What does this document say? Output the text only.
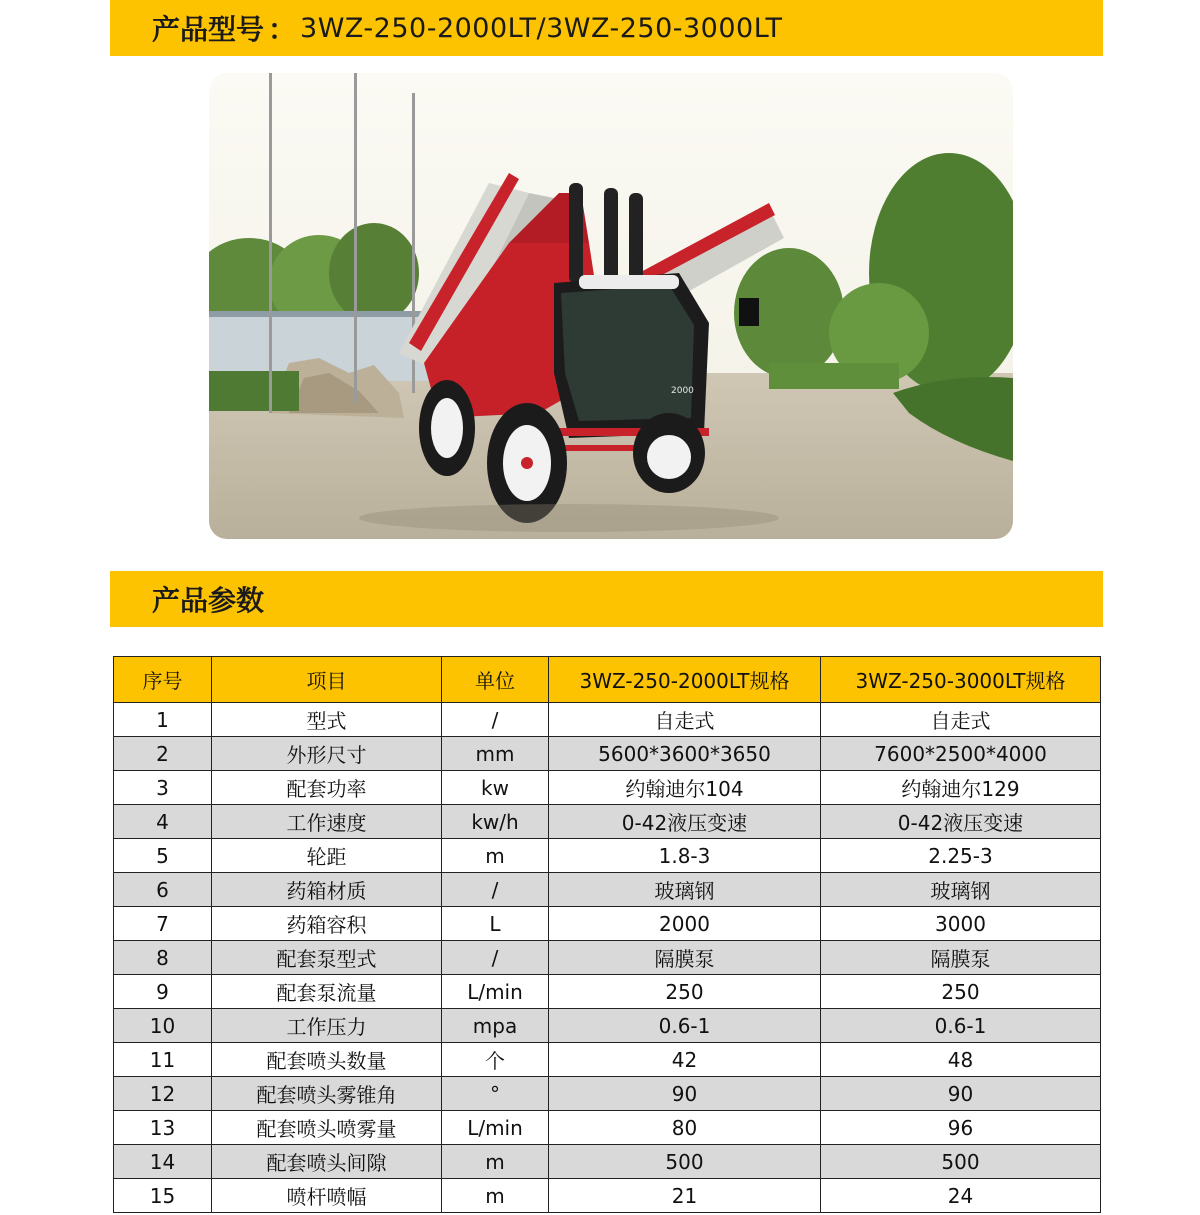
产品型号 ： 3WZ-250-2000LT/3WZ-250-3000LT
2000
产品参数
序号	项目	单位	3WZ-250-2000LT规格	3WZ-250-3000LT规格
1	型式	/	自走式	自走式
2	外形尺寸	mm	5600*3600*3650	7600*2500*4000
3	配套功率	kw	约翰迪尔104	约翰迪尔129
4	工作速度	kw/h	0-42液压变速	0-42液压变速
5	轮距	m	1.8-3	2.25-3
6	药箱材质	/	玻璃钢	玻璃钢
7	药箱容积	L	2000	3000
8	配套泵型式	/	隔膜泵	隔膜泵
9	配套泵流量	L/min	250	250
10	工作压力	mpa	0.6-1	0.6-1
11	配套喷头数量	个	42	48
12	配套喷头雾锥角	°	90	90
13	配套喷头喷雾量	L/min	80	96
14	配套喷头间隙	m	500	500
15	喷杆喷幅	m	21	24
